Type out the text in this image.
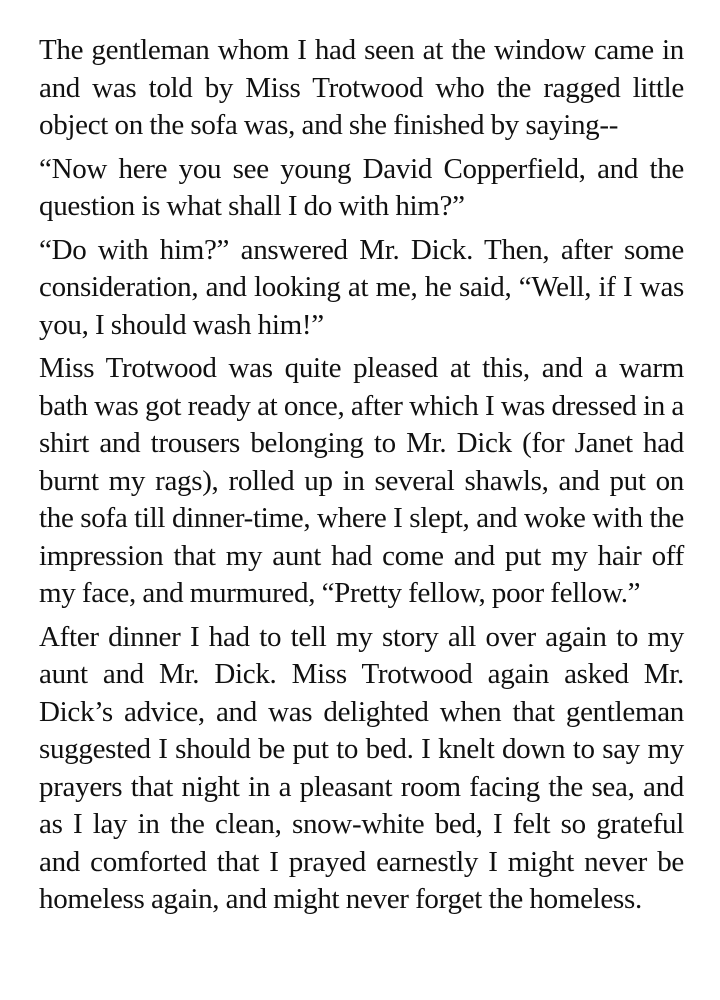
The gentleman whom I had seen at the window came in and was told by Miss Trotwood who the ragged little object on the sofa was, and she finished by saying--

“Now here you see young David Copperfield, and the question is what shall I do with him?”

“Do with him?” answered Mr. Dick. Then, after some consideration, and looking at me, he said, “Well, if I was you, I should wash him!”

Miss Trotwood was quite pleased at this, and a warm bath was got ready at once, after which I was dressed in a shirt and trousers belonging to Mr. Dick (for Janet had burnt my rags), rolled up in several shawls, and put on the sofa till dinner-time, where I slept, and woke with the impression that my aunt had come and put my hair off my face, and murmured, “Pretty fellow, poor fellow.”

After dinner I had to tell my story all over again to my aunt and Mr. Dick. Miss Trotwood again asked Mr. Dick’s advice, and was delighted when that gentleman suggested I should be put to bed. I knelt down to say my prayers that night in a pleasant room facing the sea, and as I lay in the clean, snow-white bed, I felt so grateful and comforted that I prayed earnestly I might never be homeless again, and might never forget the homeless.
